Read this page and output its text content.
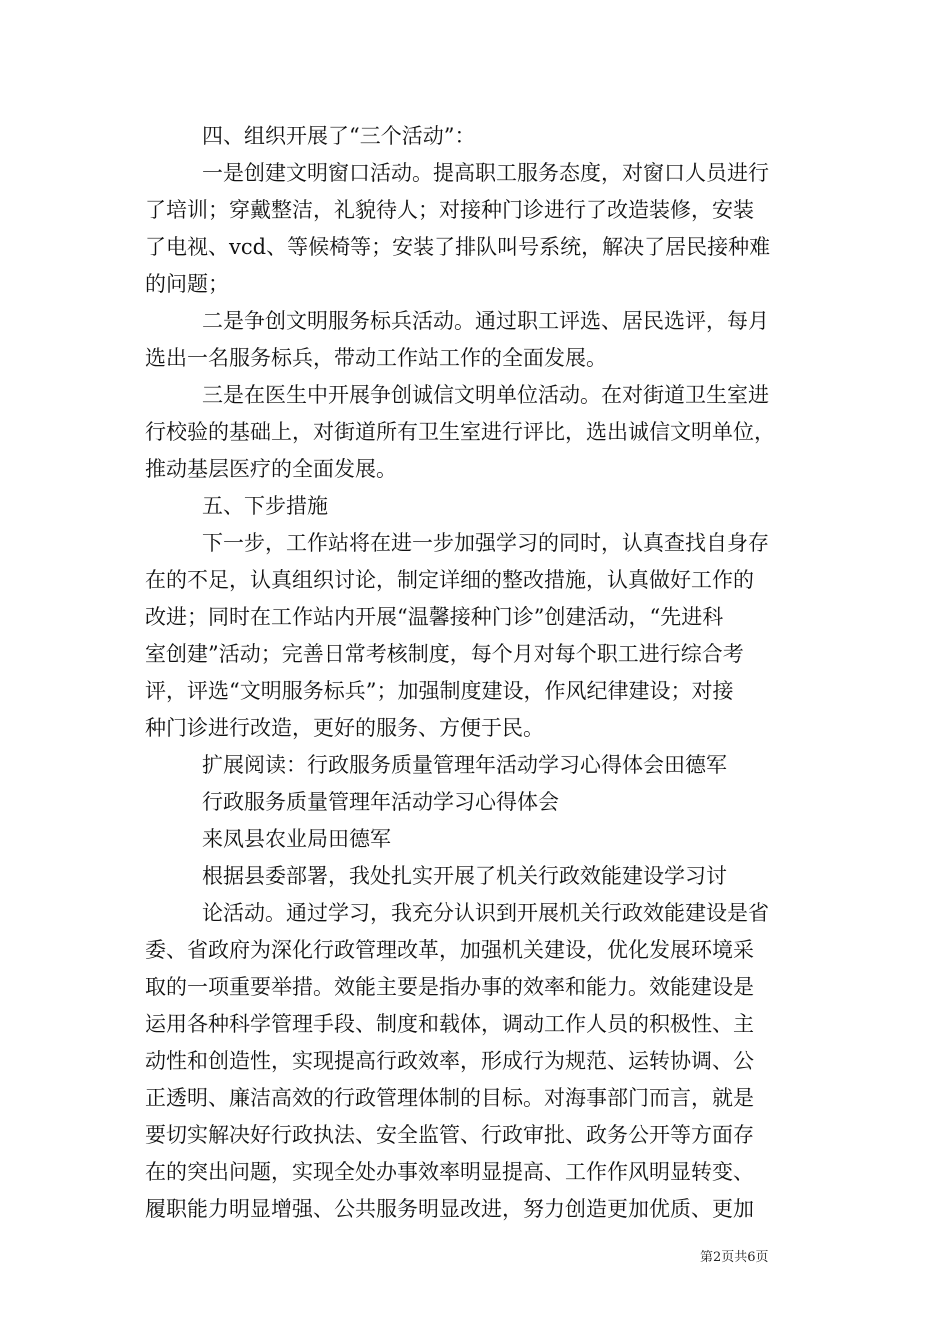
四、组织开展了“三个活动”：
一是创建文明窗口活动。提高职工服务态度，对窗口人员进行
了培训；穿戴整洁，礼貌待人；对接种门诊进行了改造装修，安装
了电视、vcd、等候椅等；安装了排队叫号系统，解决了居民接种难
的问题；
二是争创文明服务标兵活动。通过职工评选、居民选评，每月
选出一名服务标兵，带动工作站工作的全面发展。
三是在医生中开展争创诚信文明单位活动。在对街道卫生室进
行校验的基础上，对街道所有卫生室进行评比，选出诚信文明单位，
推动基层医疗的全面发展。
五、下步措施
下一步，工作站将在进一步加强学习的同时，认真查找自身存
在的不足，认真组织讨论，制定详细的整改措施，认真做好工作的
改进；同时在工作站内开展“温馨接种门诊”创建活动，“先进科
室创建”活动；完善日常考核制度，每个月对每个职工进行综合考
评，评选“文明服务标兵”；加强制度建设，作风纪律建设；对接
种门诊进行改造，更好的服务、方便于民。
扩展阅读：行政服务质量管理年活动学习心得体会田德军
行政服务质量管理年活动学习心得体会
来凤县农业局田德军
根据县委部署，我处扎实开展了机关行政效能建设学习讨
论活动。通过学习，我充分认识到开展机关行政效能建设是省
委、省政府为深化行政管理改革，加强机关建设，优化发展环境采
取的一项重要举措。效能主要是指办事的效率和能力。效能建设是
运用各种科学管理手段、制度和载体，调动工作人员的积极性、主
动性和创造性，实现提高行政效率，形成行为规范、运转协调、公
正透明、廉洁高效的行政管理体制的目标。对海事部门而言，就是
要切实解决好行政执法、安全监管、行政审批、政务公开等方面存
在的突出问题，实现全处办事效率明显提高、工作作风明显转变、
履职能力明显增强、公共服务明显改进，努力创造更加优质、更加
第2页共6页
